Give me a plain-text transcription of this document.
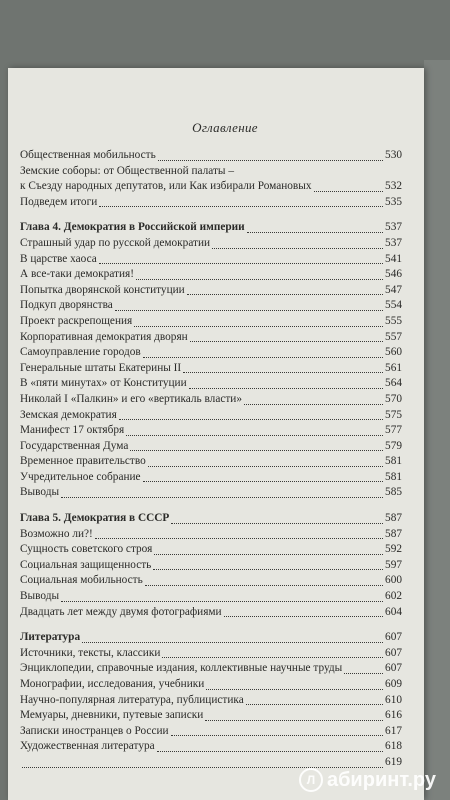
Оглавление
Общественная мобильность	530
Земские соборы: от Общественной палаты –
к Съезду народных депутатов, или Как избирали Романовых	532
Подведем итоги	535
Глава 4. Демократия в Российской империи	537
Страшный удар по русской демократии	537
В царстве хаоса	541
А все-таки демократия!	546
Попытка дворянской конституции	547
Подкуп дворянства	554
Проект раскрепощения	555
Корпоративная демократия дворян	557
Самоуправление городов	560
Генеральные штаты Екатерины II	561
В «пяти минутах» от Конституции	564
Николай I «Палкин» и его «вертикаль власти»	570
Земская демократия	575
Манифест 17 октября	577
Государственная Дума	579
Временное правительство	581
Учредительное собрание	581
Выводы	585
Глава 5. Демократия в СССР	587
Возможно ли?!	587
Сущность советского строя	592
Социальная защищенность	597
Социальная мобильность	600
Выводы	602
Двадцать лет между двумя фотографиями	604
Литература	607
Источники, тексты, классики	607
Энциклопедии, справочные издания, коллективные научные труды	607
Монографии, исследования, учебники	609
Научно-популярная литература, публицистика	610
Мемуары, дневники, путевые записки	616
Записки иностранцев о России	617
Художественная литература	618
619
Л абиринт.ру
